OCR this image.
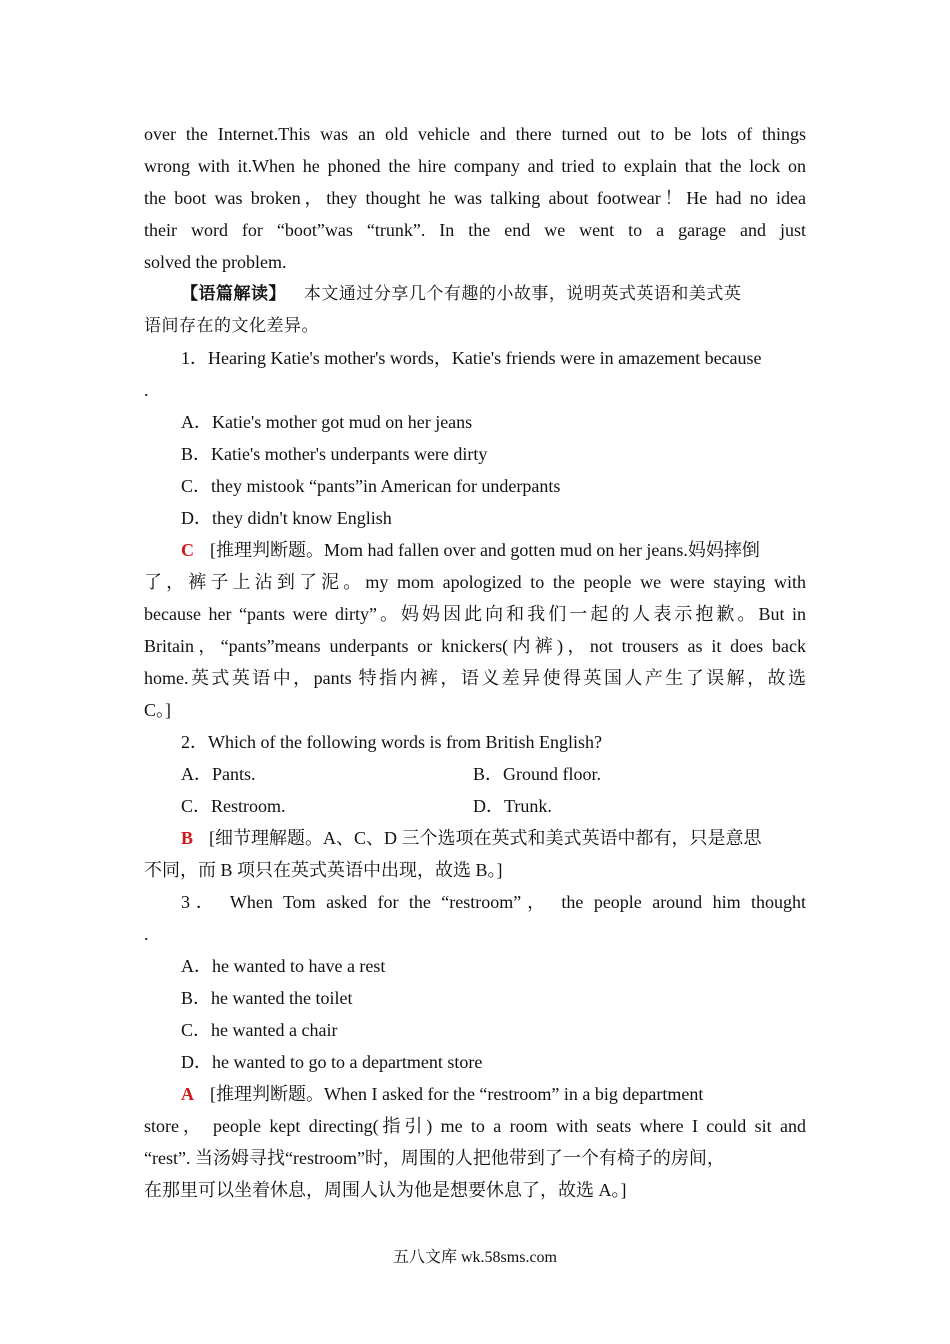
over the Internet.This was an old vehicle and there turned out to be lots of things

wrong with it.When he phoned the hire company and tried to explain that the lock on

the boot was broken，they thought he was talking about footwear！He had no idea

their word for “boot”was “trunk”. In the end we went to a garage and just

solved the problem.

【语篇解读】 本文通过分享几个有趣的小故事，说明英式英语和美式英

语间存在的文化差异。

1．Hearing Katie's mother's words，Katie's friends were in amazement because

.

A．Katie's mother got mud on her jeans

B．Katie's mother's underpants were dirty

C．they mistook “pants”in American for underpants

D．they didn't know English

C [推理判断题。Mom had fallen over and gotten mud on her jeans.妈妈摔倒

了，裤子上沾到了泥。my mom apologized to the people we were staying with

because her “pants were dirty”。妈妈因此向和我们一起的人表示抱歉。But in

Britain，“pants”means underpants or knickers(内裤)，not trousers as it does back

home.英式英语中，pants 特指内裤，语义差异使得英国人产生了误解，故选

C。]

2．Which of the following words is from British English?

A．Pants.	B．Ground floor.
C．Restroom.	D．Trunk.

B [细节理解题。A、C、D 三个选项在英式和美式英语中都有，只是意思

不同，而 B 项只在英式英语中出现，故选 B。]

3． When Tom asked for the “restroom”， the people around him thought

.

A．he wanted to have a rest

B．he wanted the toilet

C．he wanted a chair

D．he wanted to go to a department store

A [推理判断题。When I asked for the “restroom” in a big department

store， people kept directing(指引) me to a room with seats where I could sit and

“rest”. 当汤姆寻找“restroom”时，周围的人把他带到了一个有椅子的房间，

在那里可以坐着休息，周围人认为他是想要休息了，故选 A。]

五八文库 wk.58sms.com
